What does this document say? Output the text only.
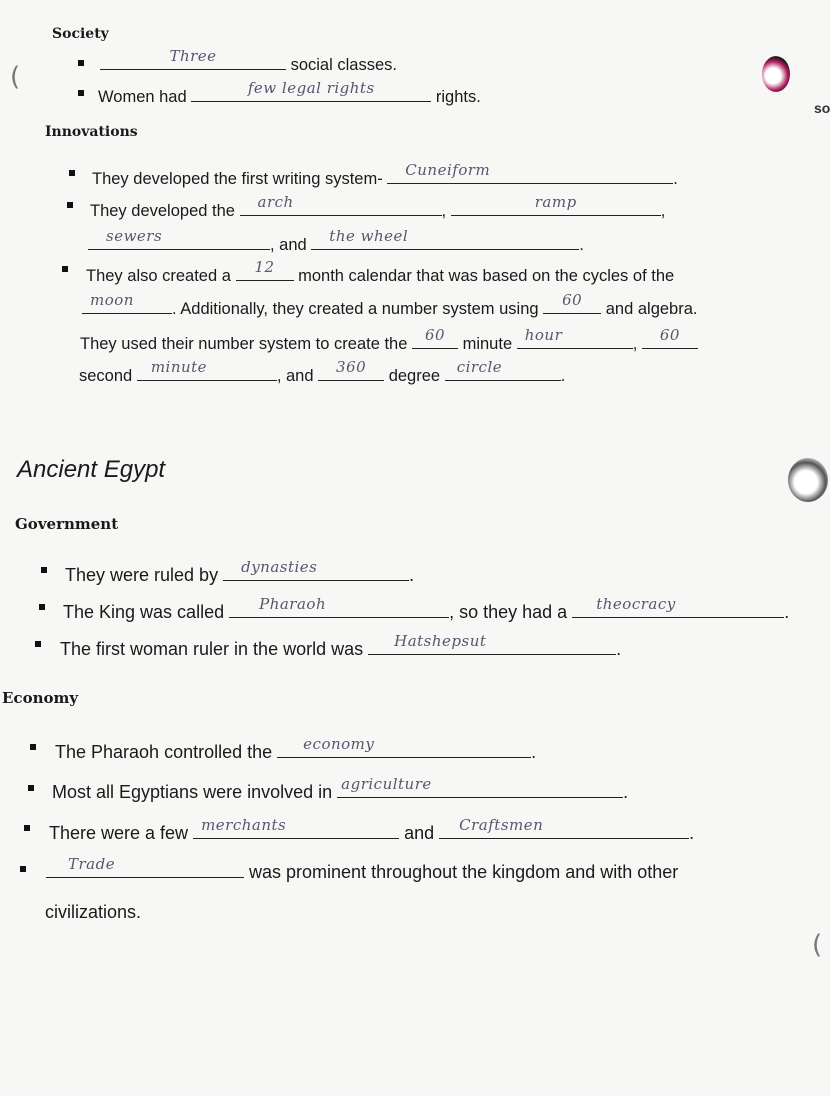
(
(
so
Society
Three	social classes.
Women had	few legal rights	rights.
Innovations
They developed the first writing system- Cuneiform	.
They developed the arch	,	ramp	,
sewers	, and the wheel	.
They also created a	12	month calendar that was based on the cycles of the
moon	. Additionally, they created a number system using	60	and algebra.
They used their number system to create the	60	minute hour	,	60
second minute	, and	360	degree circle	.
Ancient Egypt
Government
They were ruled by dynasties	.
The King was called Pharaoh	, so they had a theocracy	.
The first woman ruler in the world was Hatshepsut	.
Economy
The Pharaoh controlled the economy	.
Most all Egyptians were involved in agriculture	.
There were a few merchants	and Craftsmen	.
Trade	was prominent throughout the kingdom and with other
civilizations.
